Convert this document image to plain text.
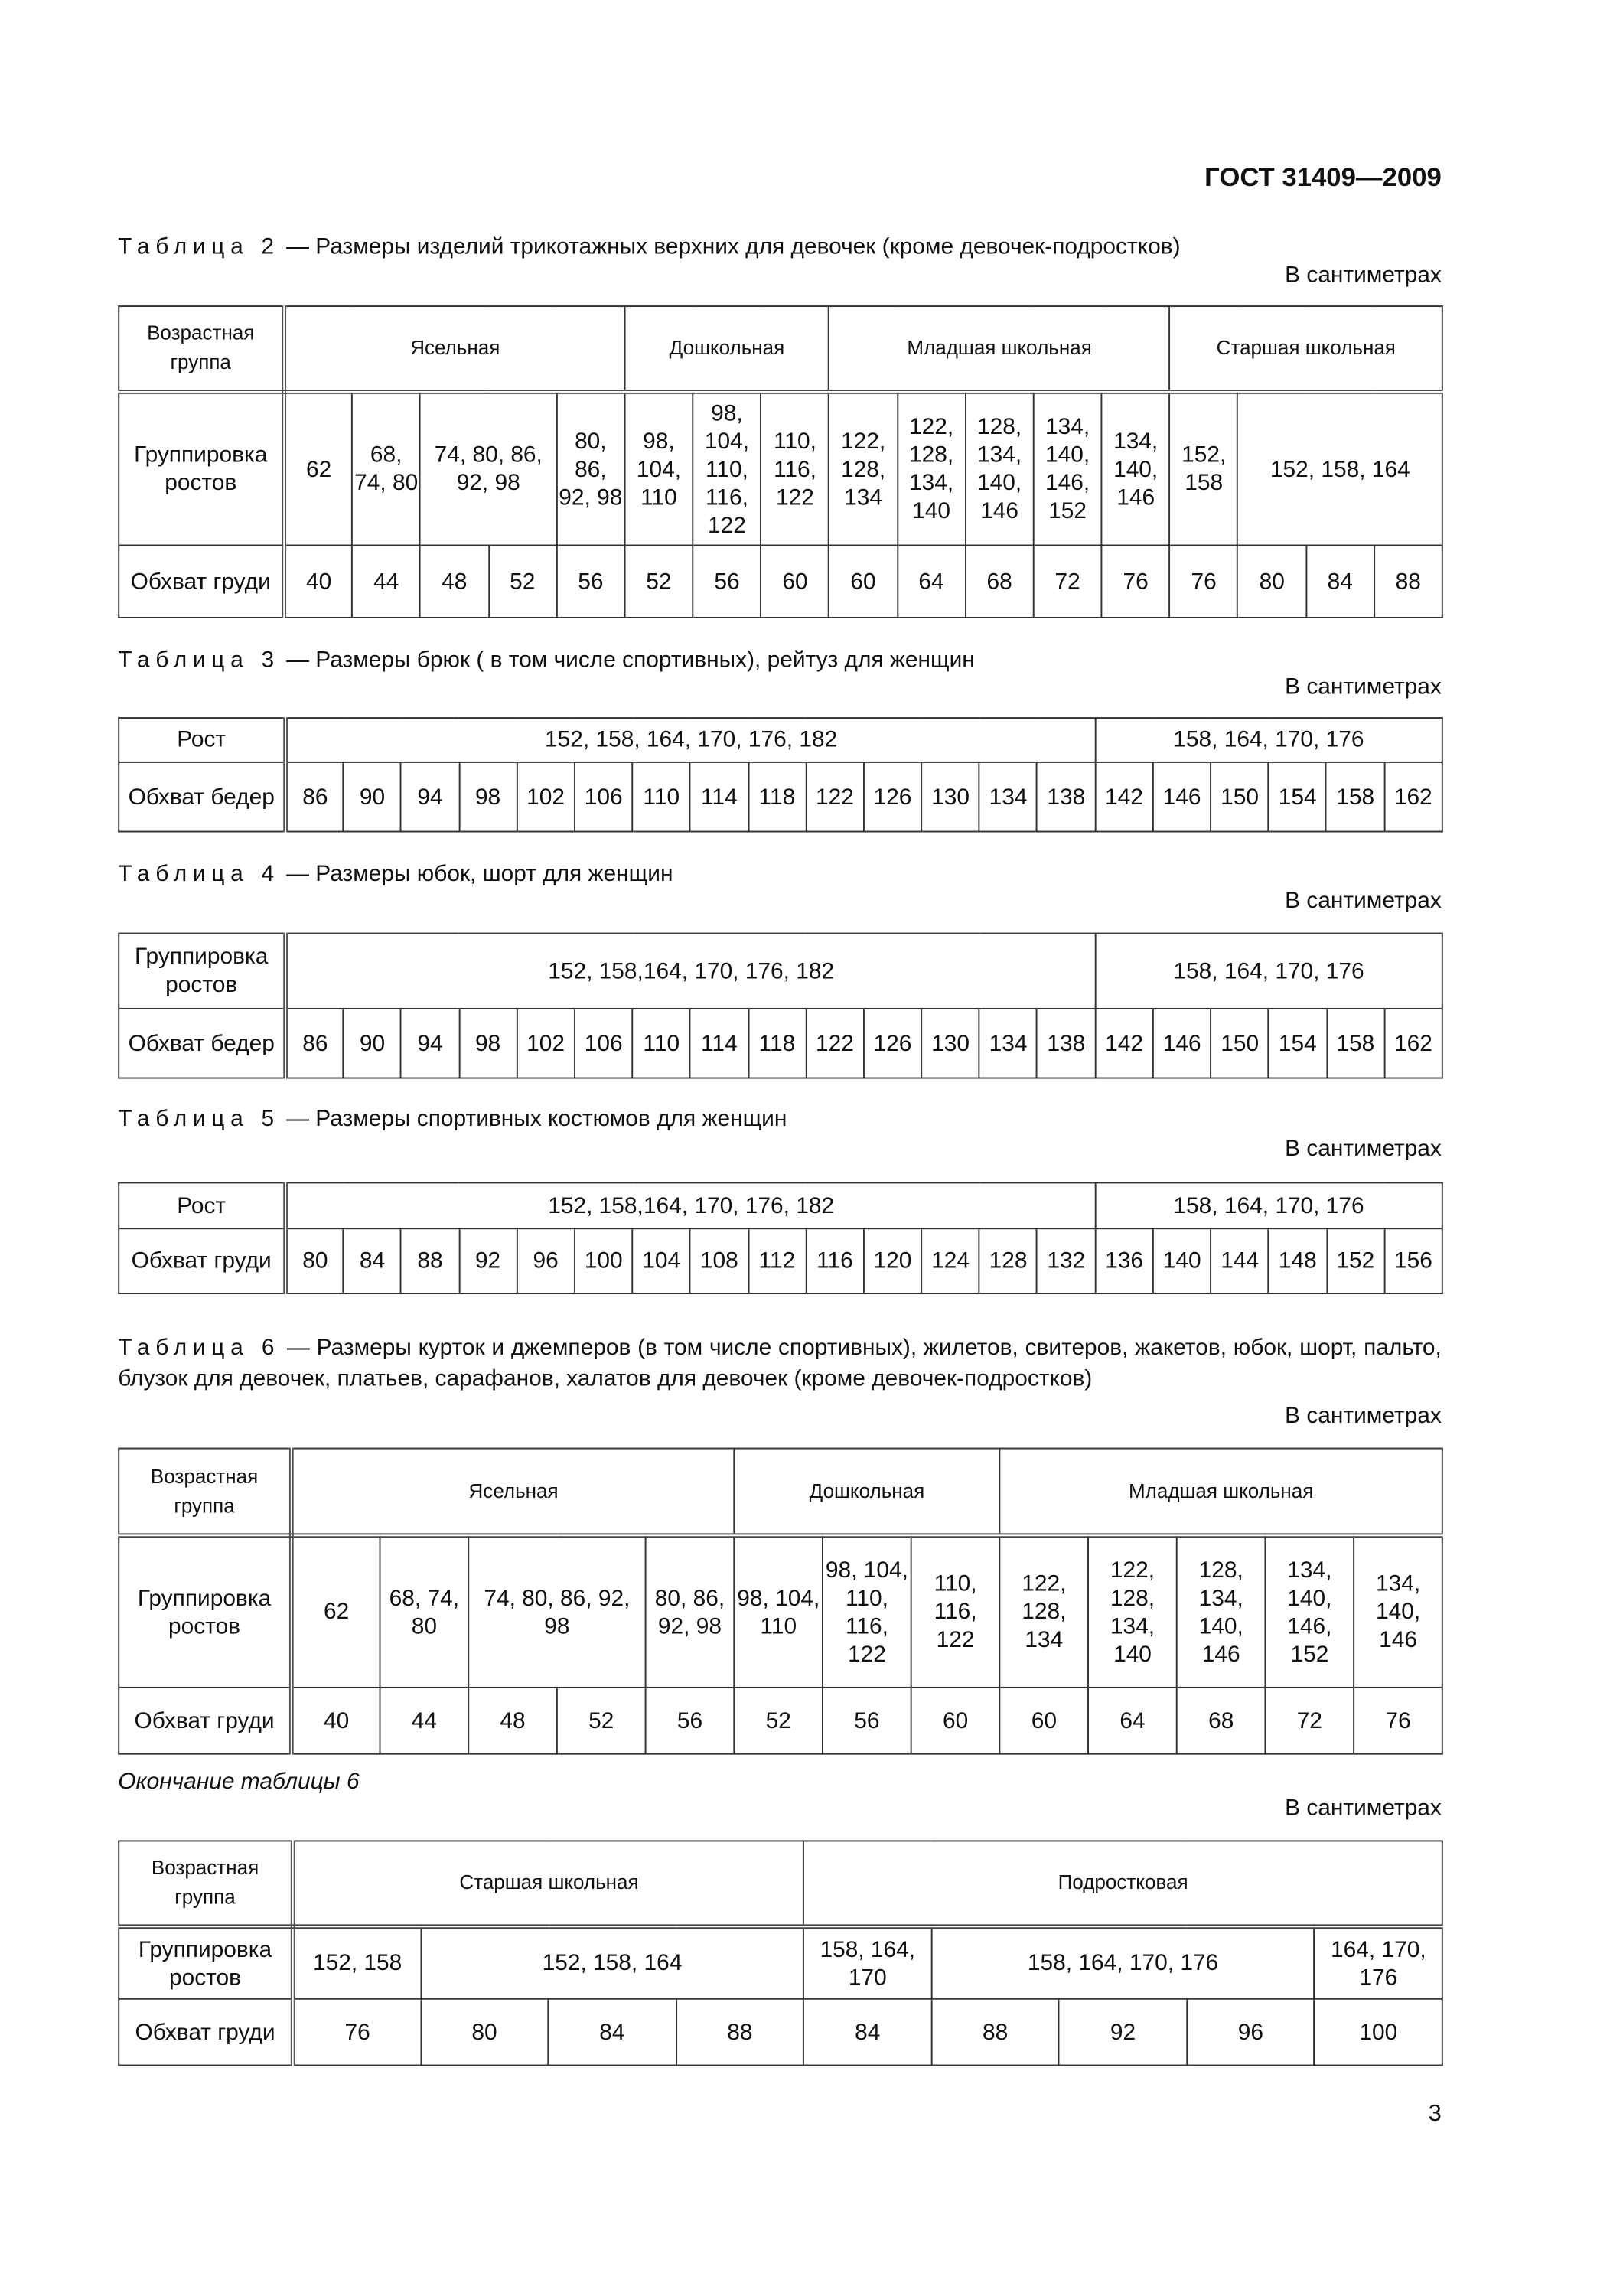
ГОСТ 31409—2009
Таблица 2 — Размеры изделий трикотажных верхних для девочек (кроме девочек-подростков)
В сантиметрах
Возрастная группа	Ясельная					Дошкольная			Младшая школьная					Старшая школьная			
Группировка ростов	62	68, 74, 80	74, 80, 86, 92, 98		80, 86, 92, 98	98, 104, 110	98, 104, 110, 116, 122	110, 116, 122	122, 128, 134	122, 128, 134, 140	128, 134, 140, 146	134, 140, 146, 152	134, 140, 146	152, 158	152, 158, 164		
Обхват груди	40	44	48	52	56	52	56	60	60	64	68	72	76	76	80	84	88
Таблица 3 — Размеры брюк ( в том числе спортивных), рейтуз для женщин
В сантиметрах
Рост	152, 158, 164, 170, 176, 182														158, 164, 170, 176					
Обхват бедер	86	90	94	98	102	106	110	114	118	122	126	130	134	138	142	146	150	154	158	162
Таблица 4 — Размеры юбок, шорт для женщин
В сантиметрах
Группировка ростов	152, 158,164, 170, 176, 182														158, 164, 170, 176					
Обхват бедер	86	90	94	98	102	106	110	114	118	122	126	130	134	138	142	146	150	154	158	162
Таблица 5 — Размеры спортивных костюмов для женщин
В сантиметрах
Рост	152, 158,164, 170, 176, 182														158, 164, 170, 176					
Обхват груди	80	84	88	92	96	100	104	108	112	116	120	124	128	132	136	140	144	148	152	156
Таблица 6 — Размеры курток и джемперов (в том числе спортивных), жилетов, свитеров, жакетов, юбок, шорт, пальто, блузок для девочек, платьев, сарафанов, халатов для девочек (кроме девочек-подростков)
В сантиметрах
Возрастная группа	Ясельная					Дошкольная			Младшая школьная				
Группировка ростов	62	68, 74, 80	74, 80, 86, 92, 98		80, 86, 92, 98	98, 104, 110	98, 104, 110, 116, 122	110, 116, 122	122, 128, 134	122, 128, 134, 140	128, 134, 140, 146	134, 140, 146, 152	134, 140, 146
Обхват груди	40	44	48	52	56	52	56	60	60	64	68	72	76
Окончание таблицы 6
В сантиметрах
Возрастная группа	Старшая школьная				Подростковая				
Группировка ростов	152, 158	152, 158, 164			158, 164, 170	158, 164, 170, 176			164, 170, 176
Обхват груди	76	80	84	88	84	88	92	96	100
3
